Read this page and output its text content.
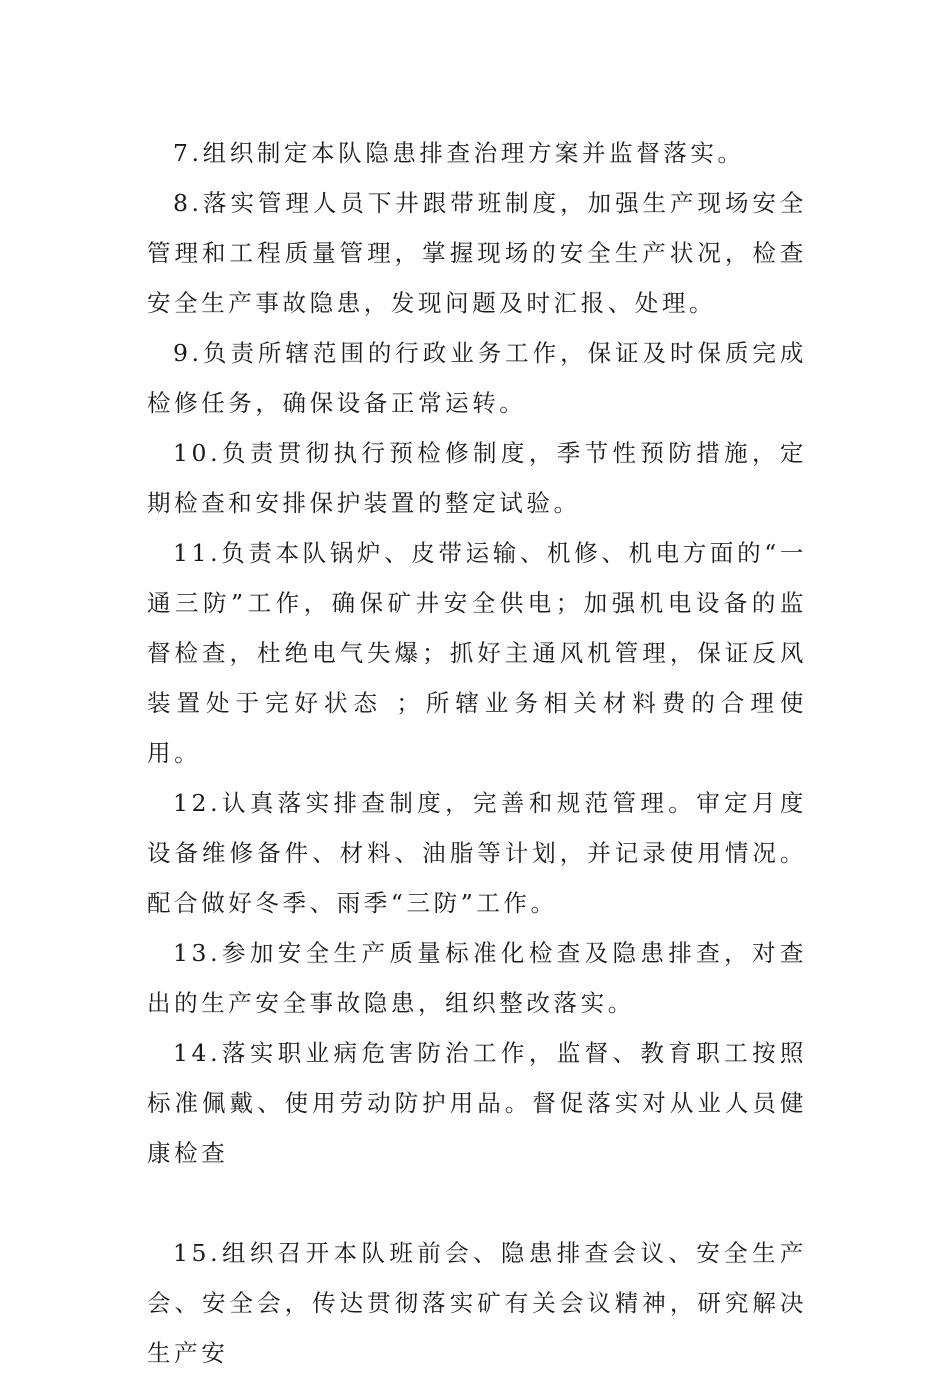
7.组织制定本队隐患排查治理方案并监督落实。

8.落实管理人员下井跟带班制度，加强生产现场安全管理和工程质量管理，掌握现场的安全生产状况，检查安全生产事故隐患，发现问题及时汇报、处理。

9.负责所辖范围的行政业务工作，保证及时保质完成检修任务，确保设备正常运转。

10.负责贯彻执行预检修制度，季节性预防措施，定期检查和安排保护装置的整定试验。

11.负责本队锅炉、皮带运输、机修、机电方面的“一通三防”工作，确保矿井安全供电；加强机电设备的监督检查，杜绝电气失爆；抓好主通风机管理，保证反风装置处于完好状态 ；所辖业务相关材料费的合理使用。

12.认真落实排查制度，完善和规范管理。审定月度设备维修备件、材料、油脂等计划，并记录使用情况。配合做好冬季、雨季“三防”工作。

13.参加安全生产质量标准化检查及隐患排查，对查出的生产安全事故隐患，组织整改落实。

14.落实职业病危害防治工作，监督、教育职工按照标准佩戴、使用劳动防护用品。督促落实对从业人员健康检查

15.组织召开本队班前会、隐患排查会议、安全生产会、安全会，传达贯彻落实矿有关会议精神，研究解决生产安
